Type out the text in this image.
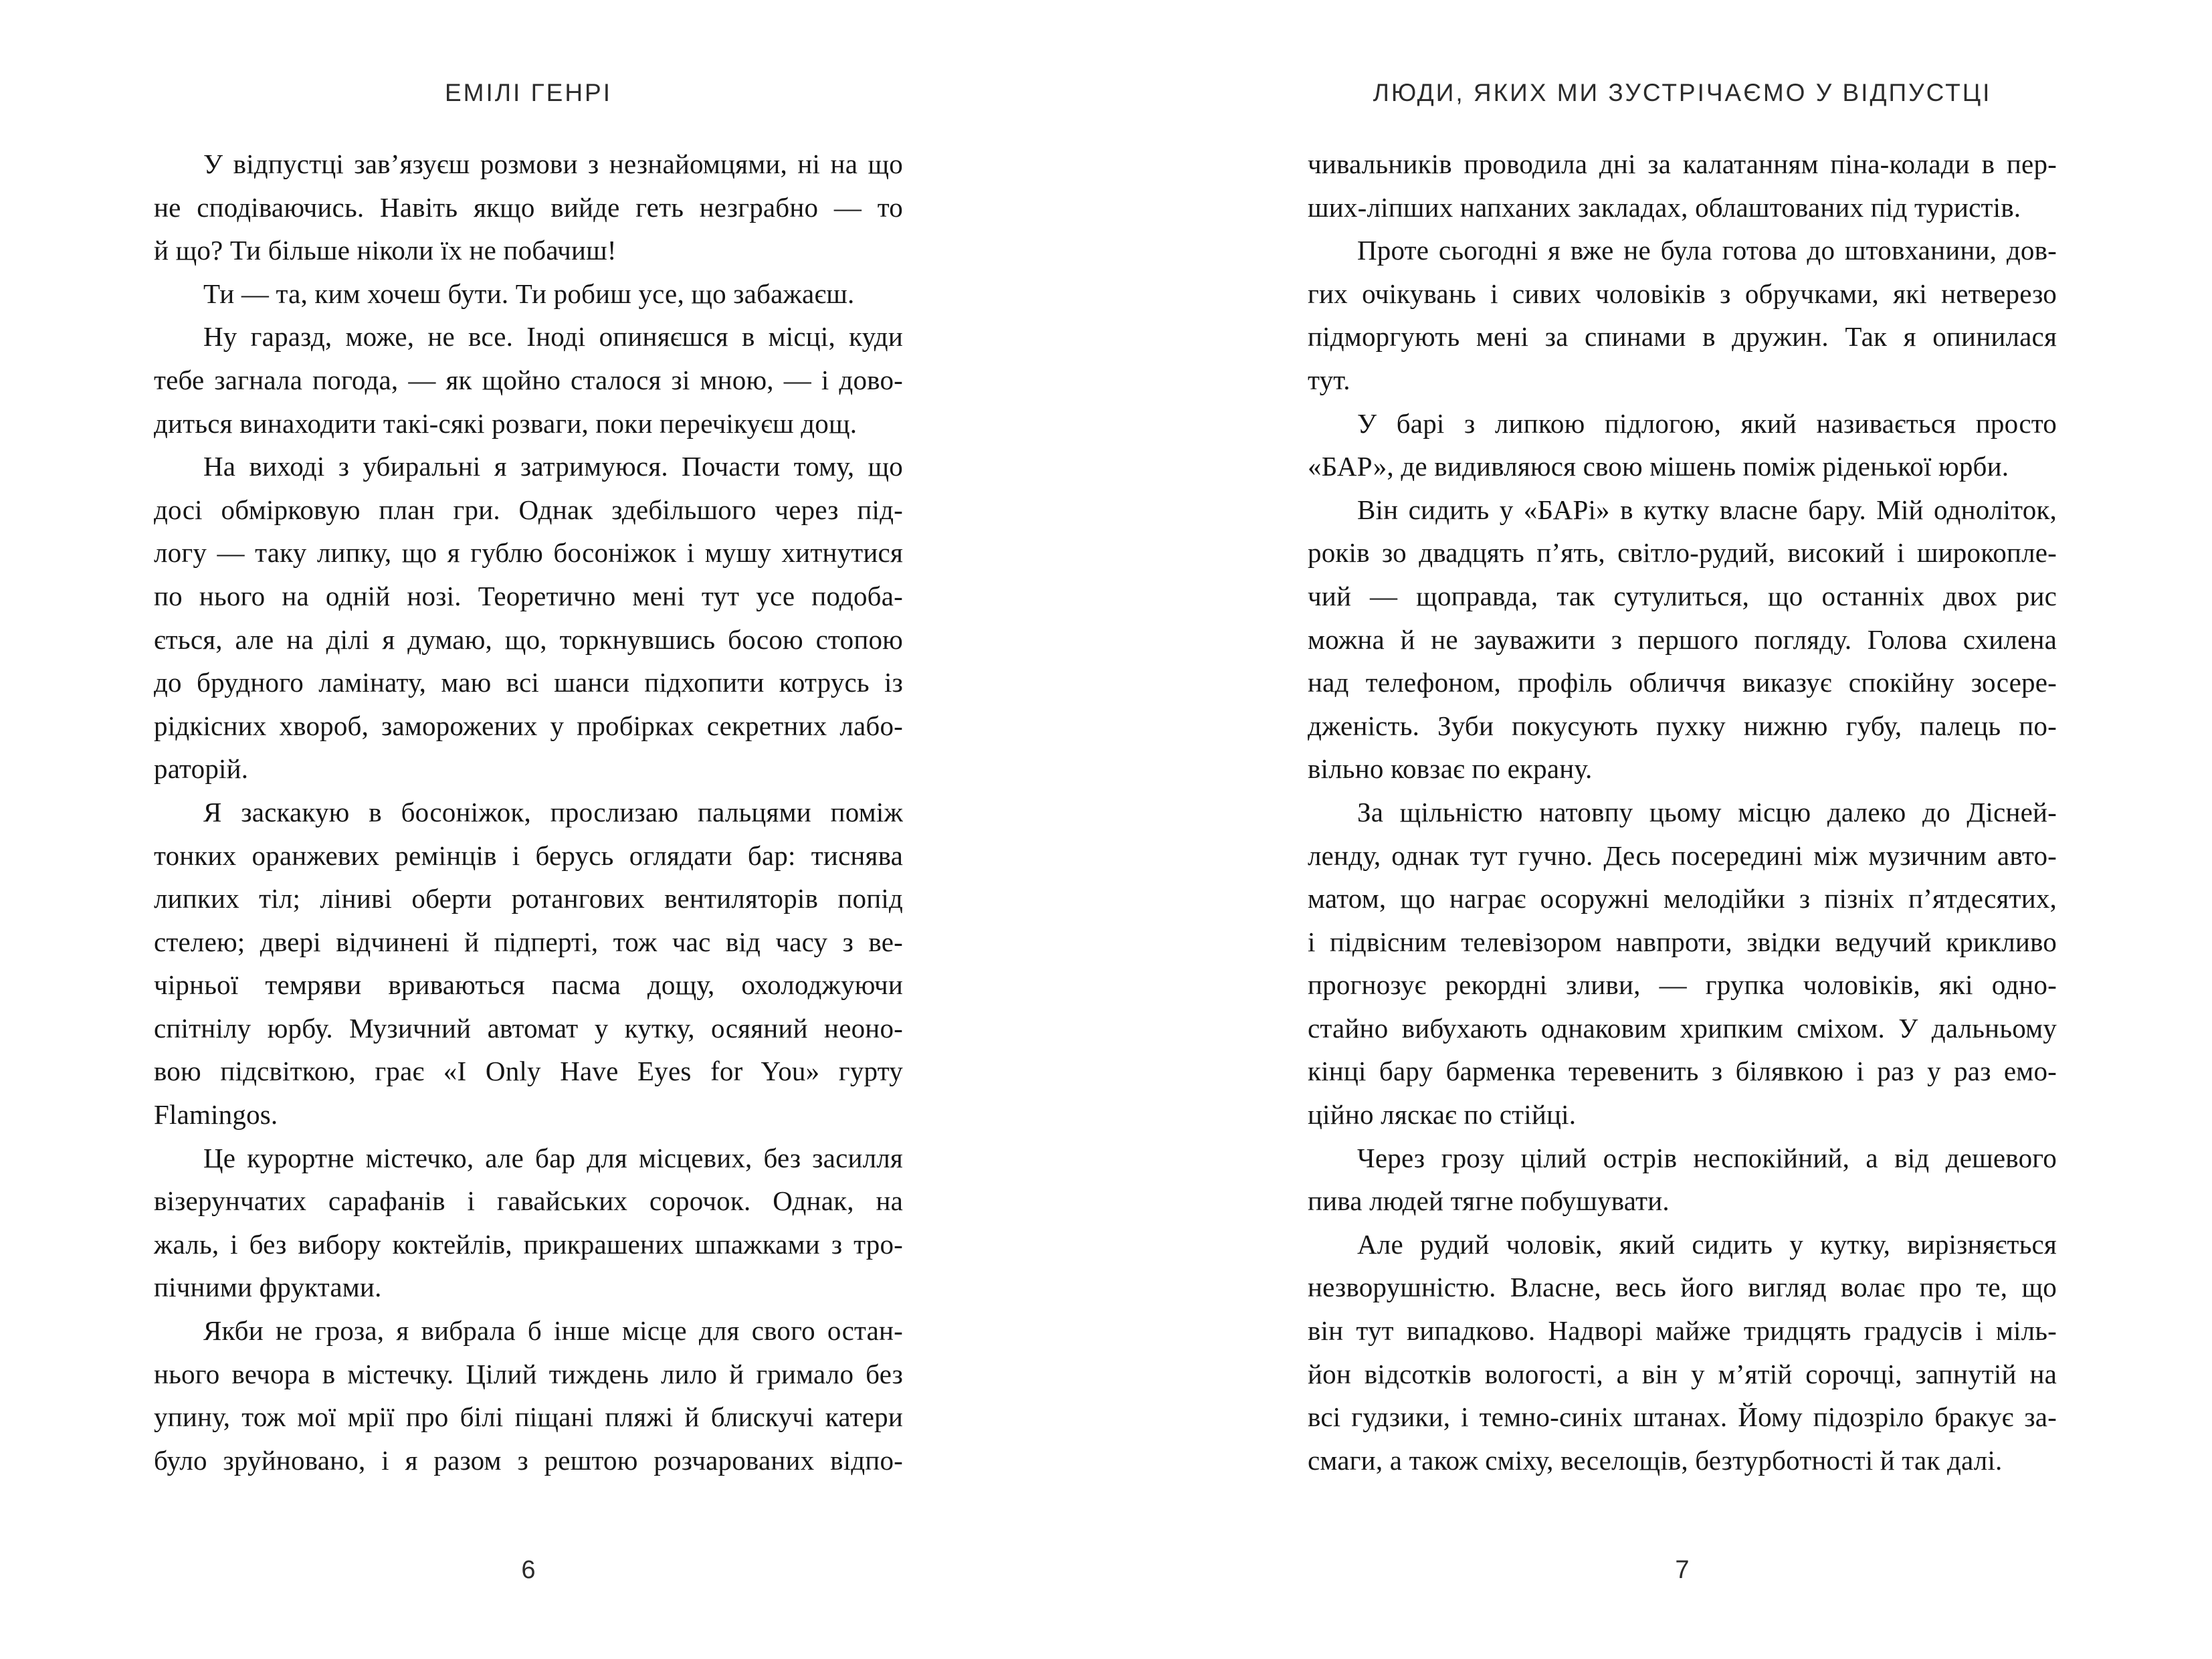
ЕМІЛІ ГЕНРІ
У відпустці зав’язуєш розмови з незнайомцями, ні на що
не сподіваючись. Навіть якщо вийде геть незграбно — то
й що? Ти більше ніколи їх не побачиш!
Ти — та, ким хочеш бути. Ти робиш усе, що забажаєш.
Ну гаразд, може, не все. Іноді опиняєшся в місці, куди
тебе загнала погода, — як щойно сталося зі мною, — і дово-
диться винаходити такі-сякі розваги, поки перечікуєш дощ.
На виході з убиральні я затримуюся. Почасти тому, що
досі обмірковую план гри. Однак здебільшого через під-
логу — таку липку, що я гублю босоніжок і мушу хитнутися
по нього на одній нозі. Теоретично мені тут усе подоба-
ється, але на ділі я думаю, що, торкнувшись босою стопою
до брудного ламінату, маю всі шанси підхопити котрусь із
рідкісних хвороб, заморожених у пробірках секретних лабо-
раторій.
Я заскакую в босоніжок, прослизаю пальцями поміж
тонких оранжевих ремінців і берусь оглядати бар: тиснява
липких тіл; ліниві оберти ротангових вентиляторів попід
стелею; двері відчинені й підперті, тож час від часу з ве-
чірньої темряви вриваються пасма дощу, охолоджуючи
спітнілу юрбу. Музичний автомат у кутку, осяяний неоно-
вою підсвіткою, грає «I Only Have Eyes for You» гурту
Flamingos.
Це курортне містечко, але бар для місцевих, без засилля
візерунчатих сарафанів і гавайських сорочок. Однак, на
жаль, і без вибору коктейлів, прикрашених шпажками з тро-
пічними фруктами.
Якби не гроза, я вибрала б інше місце для свого остан-
нього вечора в містечку. Цілий тиждень лило й гримало без
упину, тож мої мрії про білі піщані пляжі й блискучі катери
було зруйновано, і я разом з рештою розчарованих відпо-
6
ЛЮДИ, ЯКИХ МИ ЗУСТРІЧАЄМО У ВІДПУСТЦІ
чивальників проводила дні за калатанням піна-колади в пер-
ших-ліпших напханих закладах, облаштованих під туристів.
Проте сьогодні я вже не була готова до штовханини, дов-
гих очікувань і сивих чоловіків з обручками, які нетверезо
підморгують мені за спинами в дружин. Так я опинилася
тут.
У барі з липкою підлогою, який називається просто
«БАР», де видивляюся свою мішень поміж ріденької юрби.
Він сидить у «БАРі» в кутку власне бару. Мій одноліток,
років зо двадцять п’ять, світло-рудий, високий і широкопле-
чий — щоправда, так сутулиться, що останніх двох рис
можна й не зауважити з першого погляду. Голова схилена
над телефоном, профіль обличчя виказує спокійну зосере-
дженість. Зуби покусують пухку нижню губу, палець по-
вільно ковзає по екрану.
За щільністю натовпу цьому місцю далеко до Дісней-
ленду, однак тут гучно. Десь посередині між музичним авто-
матом, що награє осоружні мелодійки з пізніх п’ятдесятих,
і підвісним телевізором навпроти, звідки ведучий крикливо
прогнозує рекордні зливи, — групка чоловіків, які одно-
стайно вибухають однаковим хрипким сміхом. У дальньому
кінці бару барменка теревенить з білявкою і раз у раз емо-
ційно ляскає по стійці.
Через грозу цілий острів неспокійний, а від дешевого
пива людей тягне побушувати.
Але рудий чоловік, який сидить у кутку, вирізняється
незворушністю. Власне, весь його вигляд волає про те, що
він тут випадково. Надворі майже тридцять градусів і міль-
йон відсотків вологості, а він у м’ятій сорочці, запнутій на
всі гудзики, і темно-синіх штанах. Йому підозріло бракує за-
смаги, а також сміху, веселощів, безтурботності й так далі.
7
